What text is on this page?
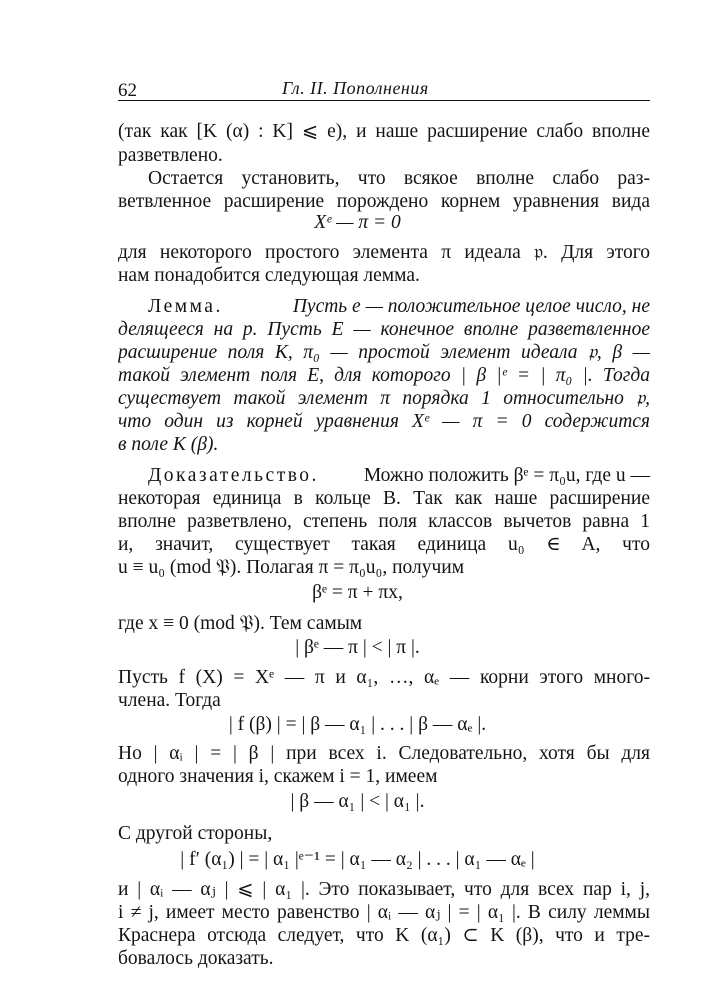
62	Гл. II. Пополнения
(так как [K (α) : K] ⩽ e), и наше расширение слабо вполне
разветвлено.
Остается установить, что всякое вполне слабо раз-
ветвленное расширение порождено корнем уравнения вида
Xᵉ — π = 0
для некоторого простого элемента π идеала 𝔭. Для этого
нам понадобится следующая лемма.
Лемма.	Пусть e — положительное целое число, не
делящееся на p. Пусть E — конечное вполне разветвленное
расширение поля K, π₀ — простой элемент идеала 𝔭, β —
такой элемент поля E, для которого | β |ᵉ = | π₀ |. Тогда
существует такой элемент π порядка 1 относительно 𝔭,
что один из корней уравнения Xᵉ — π = 0 содержится
в поле K (β).
Доказательство. Можно положить βᵉ = π₀u, где u —
некоторая единица в кольце B. Так как наше расширение
вполне разветвлено, степень поля классов вычетов равна 1
и, значит, существует такая единица u₀ ∈ A, что
u ≡ u₀ (mod 𝔓). Полагая π = π₀u₀, получим
βᵉ = π + πx,
где x ≡ 0 (mod 𝔓). Тем самым
| βᵉ — π | < | π |.
Пусть f (X) = Xᵉ — π и α₁, …, αₑ — корни этого много-
члена. Тогда
| f (β) | = | β — α₁ | . . . | β — αₑ |.
Но | αᵢ | = | β | при всех i. Следовательно, хотя бы для
одного значения i, скажем i = 1, имеем
| β — α₁ | < | α₁ |.
С другой стороны,
| f′ (α₁) | = | α₁ |ᵉ⁻¹ = | α₁ — α₂ | . . . | α₁ — αₑ |
и | αᵢ — αⱼ | ⩽ | α₁ |. Это показывает, что для всех пар i, j,
i ≠ j, имеет место равенство | αᵢ — αⱼ | = | α₁ |. В силу леммы
Краснера отсюда следует, что K (α₁) ⊂ K (β), что и тре-
бовалось доказать.
